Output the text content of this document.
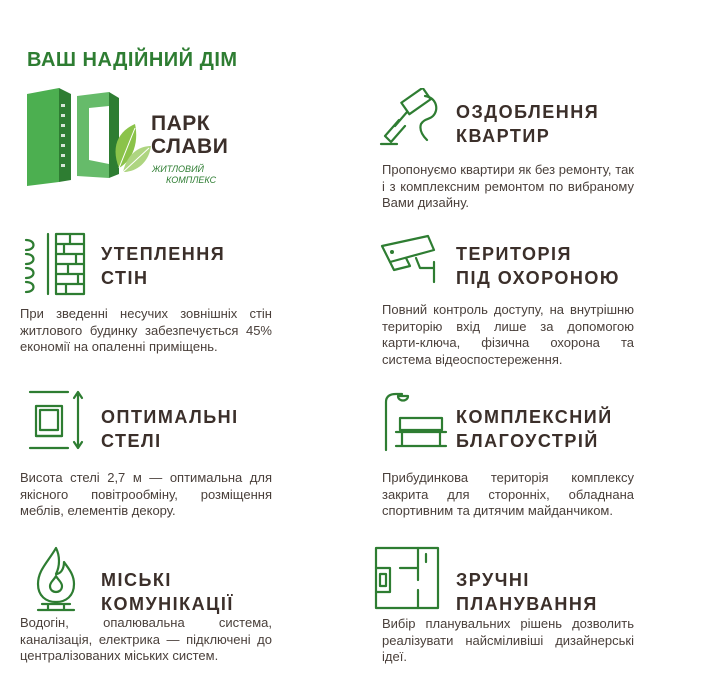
ВАШ НАДІЙНИЙ ДІМ
ПАРК
СЛАВИ
ЖИТЛОВИЙ
КОМПЛЕКС
УТЕПЛЕННЯ
СТІН
При зведенні несучих зовнішніх стін житлового будинку забезпечується 45% економії на опаленні приміщень.
ОПТИМАЛЬНІ
СТЕЛІ
Висота стелі 2,7 м — оптимальна для якісного повітрообміну, розміщення меблів, елементів декору.
МІСЬКІ
КОМУНІКАЦІЇ
Водогін, опалювальна система, каналізація, електрика — підключені до централізованих міських систем.
ОЗДОБЛЕННЯ
КВАРТИР
Пропонуємо квартири як без ремонту, так і з комплексним ремонтом по вибраному Вами дизайну.
ТЕРИТОРІЯ
ПІД ОХОРОНОЮ
Повний контроль доступу, на внутрішню територію вхід лише за допомогою карти-ключа, фізична охорона та система відеоспостереження.
КОМПЛЕКСНИЙ
БЛАГОУСТРІЙ
Прибудинкова територія комплексу закрита для сторонніх, обладнана спортивним та дитячим майданчиком.
ЗРУЧНІ
ПЛАНУВАННЯ
Вибір планувальних рішень дозволить реалізувати найсміливіші дизайнерські ідеї.
